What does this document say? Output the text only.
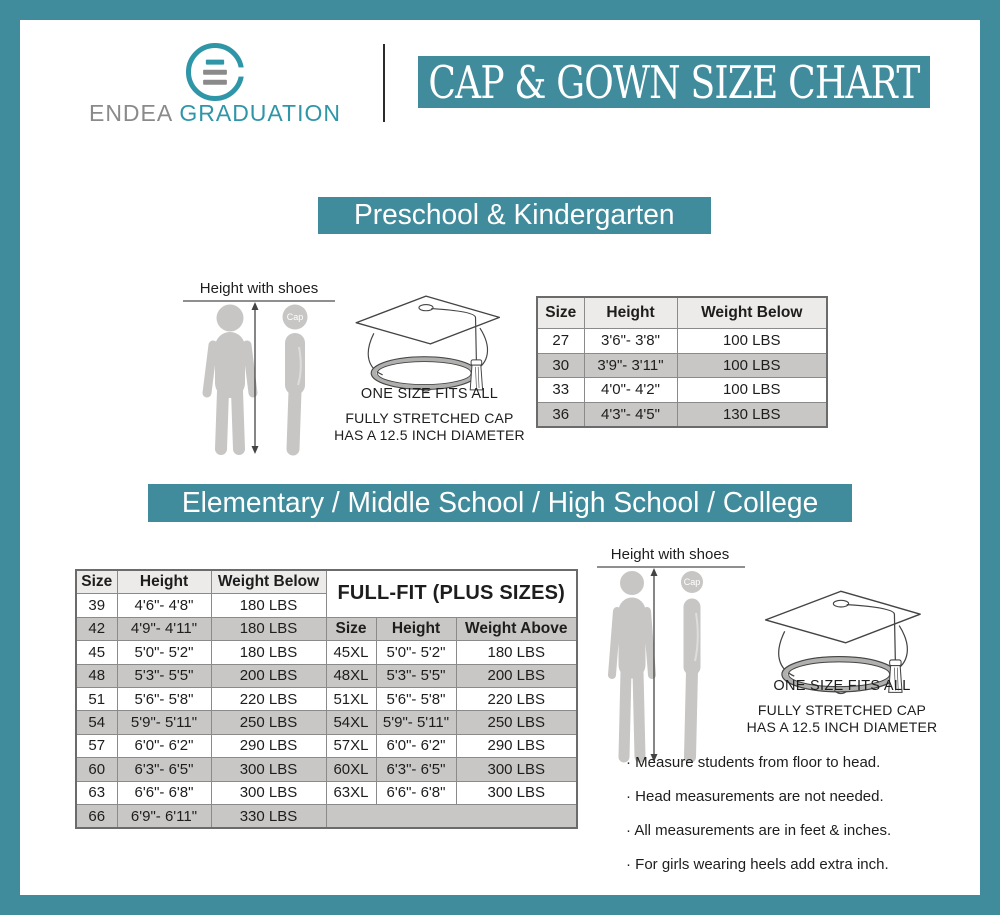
ENDEA GRADUATION
CAP & GOWN SIZE CHART
Preschool & Kindergarten
Height with shoes
Cap
ONE SIZE FITS ALL
FULLY STRETCHED CAP
HAS A 12.5 INCH DIAMETER
Size	Height	Weight Below
27	3'6"- 3'8"	100 LBS
30	3'9"- 3'11"	100 LBS
33	4'0"- 4'2"	100 LBS
36	4'3"- 4'5"	130 LBS
Elementary / Middle School / High School / College
Size	Height	Weight Below	FULL-FIT (PLUS SIZES)		
39	4'6"- 4'8"	180 LBS			
42	4'9"- 4'11"	180 LBS	Size	Height	Weight Above
45	5'0"- 5'2"	180 LBS	45XL	5'0"- 5'2"	180 LBS
48	5'3"- 5'5"	200 LBS	48XL	5'3"- 5'5"	200 LBS
51	5'6"- 5'8"	220 LBS	51XL	5'6"- 5'8"	220 LBS
54	5'9"- 5'11"	250 LBS	54XL	5'9"- 5'11"	250 LBS
57	6'0"- 6'2"	290 LBS	57XL	6'0"- 6'2"	290 LBS
60	6'3"- 6'5"	300 LBS	60XL	6'3"- 6'5"	300 LBS
63	6'6"- 6'8"	300 LBS	63XL	6'6"- 6'8"	300 LBS
66	6'9"- 6'11"	330 LBS			
Height with shoes
Cap
ONE SIZE FITS ALL
FULLY STRETCHED CAP
HAS A 12.5 INCH DIAMETER
· Measure students from floor to head.
· Head measurements are not needed.
· All measurements are in feet & inches.
· For girls wearing heels add extra inch.
